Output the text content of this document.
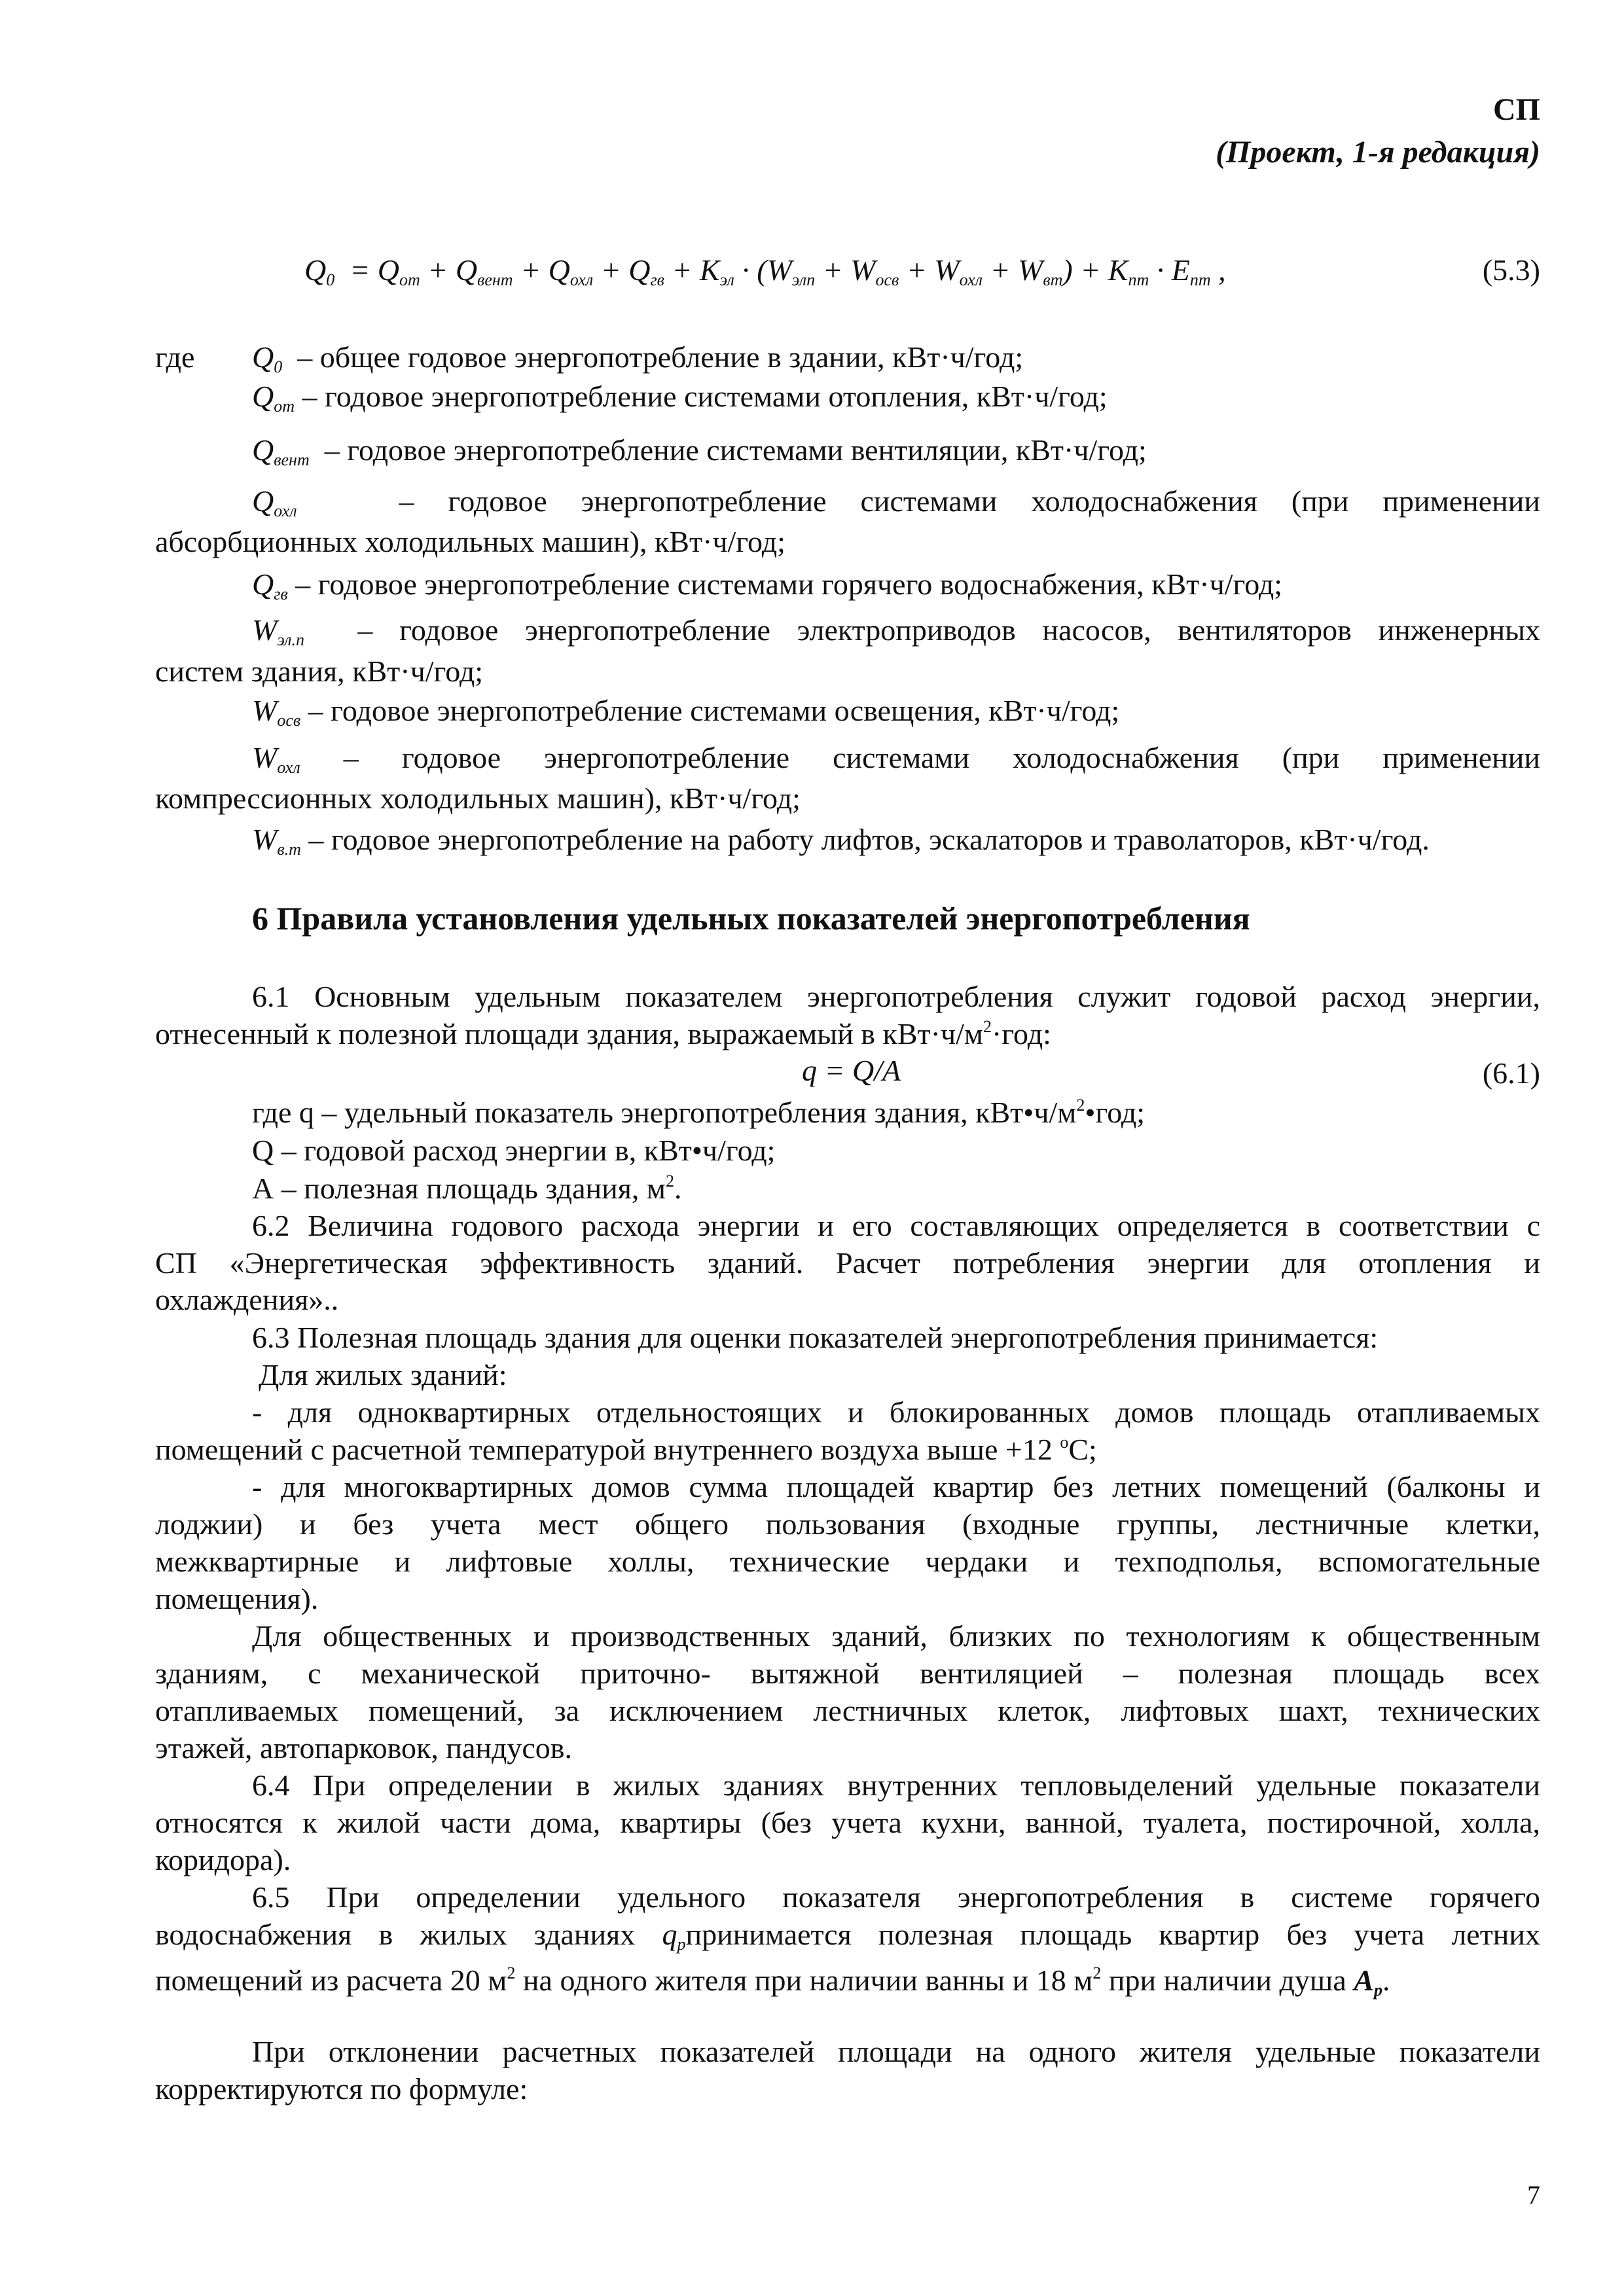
СП
(Проект, 1-я редакция)
$Q_0 = Q_{от} + Q_{вент} + Q_{охл} + Q_{гв} + K_{эл} \cdot (W_{элп} + W_{осв} + W_{охл} + W_{вт}) + K_{пт} \cdot E_{пт}$ ,	(5.3)
где $Q_0$ – общее годовое энергопотребление в здании, кВт·ч/год;
$Q_{от}$ – годовое энергопотребление системами отопления, кВт·ч/год;
$Q_{вент}$ – годовое энергопотребление системами вентиляции, кВт·ч/год;
$Q_{охл}$	– годовое энергопотребление системами холодоснабжения (при применении
абсорбционных холодильных машин), кВт·ч/год;
$Q_{гв}$ – годовое энергопотребление системами горячего водоснабжения, кВт·ч/год;
$W_{эл.п}$ – годовое энергопотребление электроприводов насосов, вентиляторов инженерных
систем здания, кВт·ч/год;
$W_{осв}$ – годовое энергопотребление системами освещения, кВт·ч/год;
$W_{охл}$ – годовое энергопотребление системами холодоснабжения (при применении
компрессионных холодильных машин), кВт·ч/год;
$W_{в.т}$ – годовое энергопотребление на работу лифтов, эскалаторов и траволаторов, кВт·ч/год.
6 Правила установления удельных показателей энергопотребления
6.1 Основным удельным показателем энергопотребления служит годовой расход энергии,
отнесенный к полезной площади здания, выражаемый в $кВт\cdot ч/м^2\cdot год$:
q = Q/A	(6.1)
где q – удельный показатель энергопотребления здания, $кВт•ч/м^2•год$;
Q – годовой расход энергии в, кВт•ч/год;
А – полезная площадь здания, $м^2$.
6.2 Величина годового расхода энергии и его составляющих определяется в соответствии с
СП «Энергетическая эффективность зданий. Расчет потребления энергии для отопления и
охлаждения»..
6.3 Полезная площадь здания для оценки показателей энергопотребления принимается:
Для жилых зданий:
- для одноквартирных отдельностоящих и блокированных домов площадь отапливаемых
помещений с расчетной температурой внутреннего воздуха выше +12 $^o$С;
- для многоквартирных домов сумма площадей квартир без летних помещений (балконы и
лоджии) и без учета мест общего пользования (входные группы, лестничные клетки,
межквартирные и лифтовые холлы, технические чердаки и техподполья, вспомогательные
помещения).
Для общественных и производственных зданий, близких по технологиям к общественным
зданиям, с механической приточно- вытяжной вентиляцией – полезная площадь всех
отапливаемых помещений, за исключением лестничных клеток, лифтовых шахт, технических
этажей, автопарковок, пандусов.
6.4 При определении в жилых зданиях внутренних тепловыделений удельные показатели
относятся к жилой части дома, квартиры (без учета кухни, ванной, туалета, постирочной, холла,
коридора).
6.5 При определении удельного показателя энергопотребления в системе горячего
водоснабжения в жилых зданиях $q_рпринимается$ полезная площадь квартир без учета летних
помещений из расчета 20 $м^2$ на одного жителя при наличии ванны и 18 $м^2$ при наличии душа $A_р$.
При отклонении расчетных показателей площади на одного жителя удельные показатели
корректируются по формуле:
7
